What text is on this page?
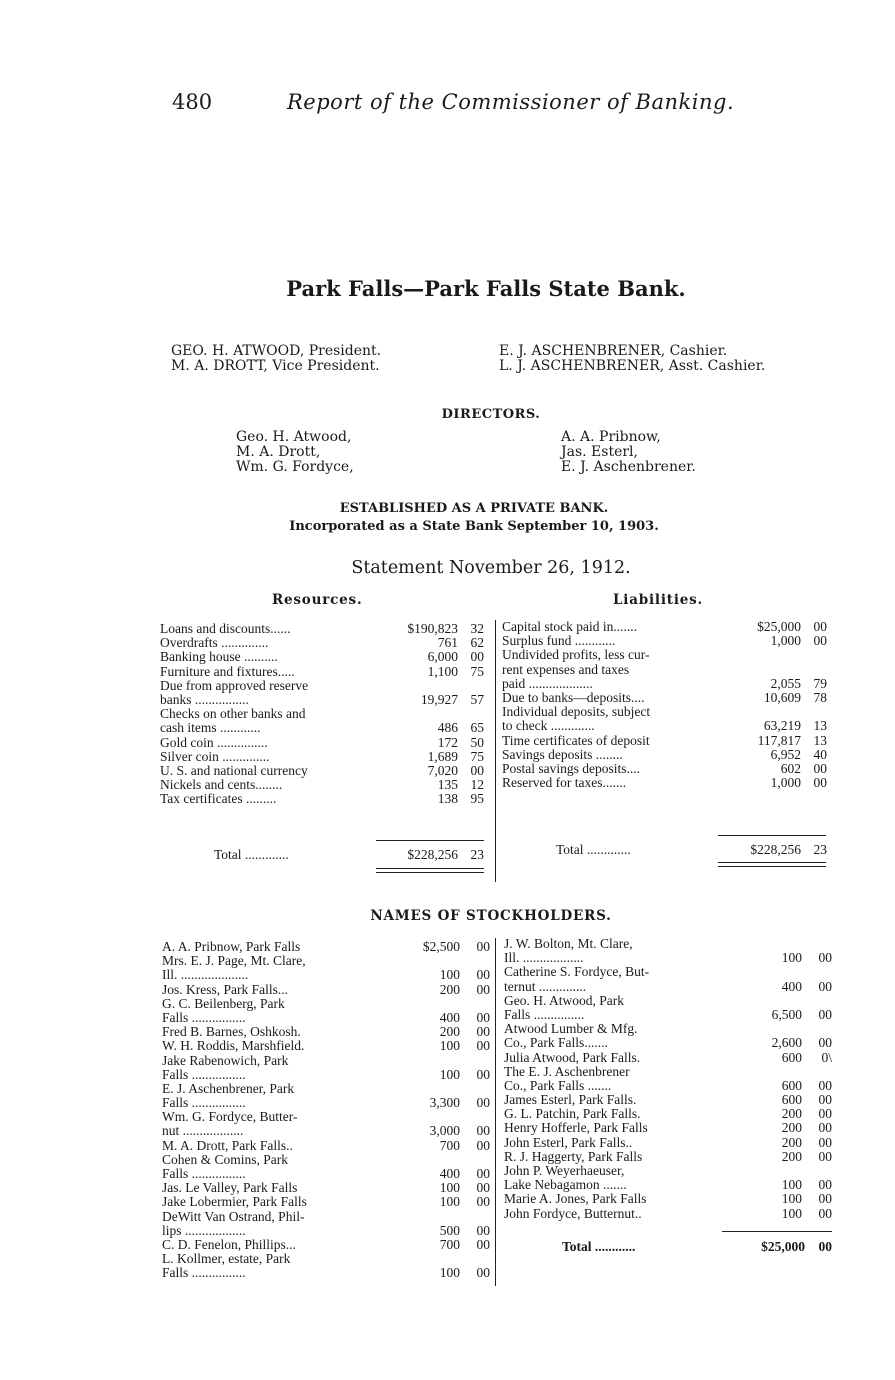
480	Report of the Commissioner of Banking.
Park Falls—Park Falls State Bank.
GEO. H. ATWOOD, President.
M. A. DROTT, Vice President.
E. J. ASCHENBRENER, Cashier.
L. J. ASCHENBRENER, Asst. Cashier.
DIRECTORS.
Geo. H. Atwood,
M. A. Drott,
Wm. G. Fordyce,
A. A. Pribnow,
Jas. Esterl,
E. J. Aschenbrener.
ESTABLISHED AS A PRIVATE BANK.
Incorporated as a State Bank September 10, 1903.
Statement November 26, 1912.
Resources.	Liabilities.
Loans and discounts......	$190,823 32
Overdrafts ..............	761 62
Banking house ..........	6,000 00
Furniture and fixtures.....	1,100 75
Due from approved reserve
banks ................	19,927 57
Checks on other banks and
cash items ............	486 65
Gold coin ...............	172 50
Silver coin ..............	1,689 75
U. S. and national currency	7,020 00
Nickels and cents........	135 12
Tax certificates .........	138 95
Capital stock paid in.......	$25,000 00
Surplus fund ............	1,000 00
Undivided profits, less cur-
rent expenses and taxes
paid ...................	2,055 79
Due to banks—deposits....	10,609 78
Individual deposits, subject
to check .............	63,219 13
Time certificates of deposit	117,817 13
Savings deposits ........	6,952 40
Postal savings deposits....	602 00
Reserved for taxes.......	1,000 00
Total .............	$228,256 23	Total .............	$228,256 23
NAMES OF STOCKHOLDERS.
A. A. Pribnow, Park Falls	$2,500 00
Mrs. E. J. Page, Mt. Clare,
Ill. ....................	100 00
Jos. Kress, Park Falls...	200 00
G. C. Beilenberg, Park
Falls ................	400 00
Fred B. Barnes, Oshkosh.	200 00
W. H. Roddis, Marshfield.	100 00
Jake Rabenowich, Park
Falls ................	100 00
E. J. Aschenbrener, Park
Falls ................	3,300 00
Wm. G. Fordyce, Butter-
nut ..................	3,000 00
M. A. Drott, Park Falls..	700 00
Cohen & Comins, Park
Falls ................	400 00
Jas. Le Valley, Park Falls	100 00
Jake Lobermier, Park Falls	100 00
DeWitt Van Ostrand, Phil-
lips ..................	500 00
C. D. Fenelon, Phillips...	700 00
L. Kollmer, estate, Park
Falls ................	100 00
J. W. Bolton, Mt. Clare,
Ill. ..................	100 00
Catherine S. Fordyce, But-
ternut ..............	400 00
Geo. H. Atwood, Park
Falls ...............	6,500 00
Atwood Lumber & Mfg.
Co., Park Falls.......	2,600 00
Julia Atwood, Park Falls.	600 0\
The E. J. Aschenbrener
Co., Park Falls .......	600 00
James Esterl, Park Falls.	600 00
G. L. Patchin, Park Falls.	200 00
Henry Hofferle, Park Falls	200 00
John Esterl, Park Falls..	200 00
R. J. Haggerty, Park Falls	200 00
John P. Weyerhaeuser,
Lake Nebagamon .......	100 00
Marie A. Jones, Park Falls	100 00
John Fordyce, Butternut..	100 00
Total ............	$25,000 00
